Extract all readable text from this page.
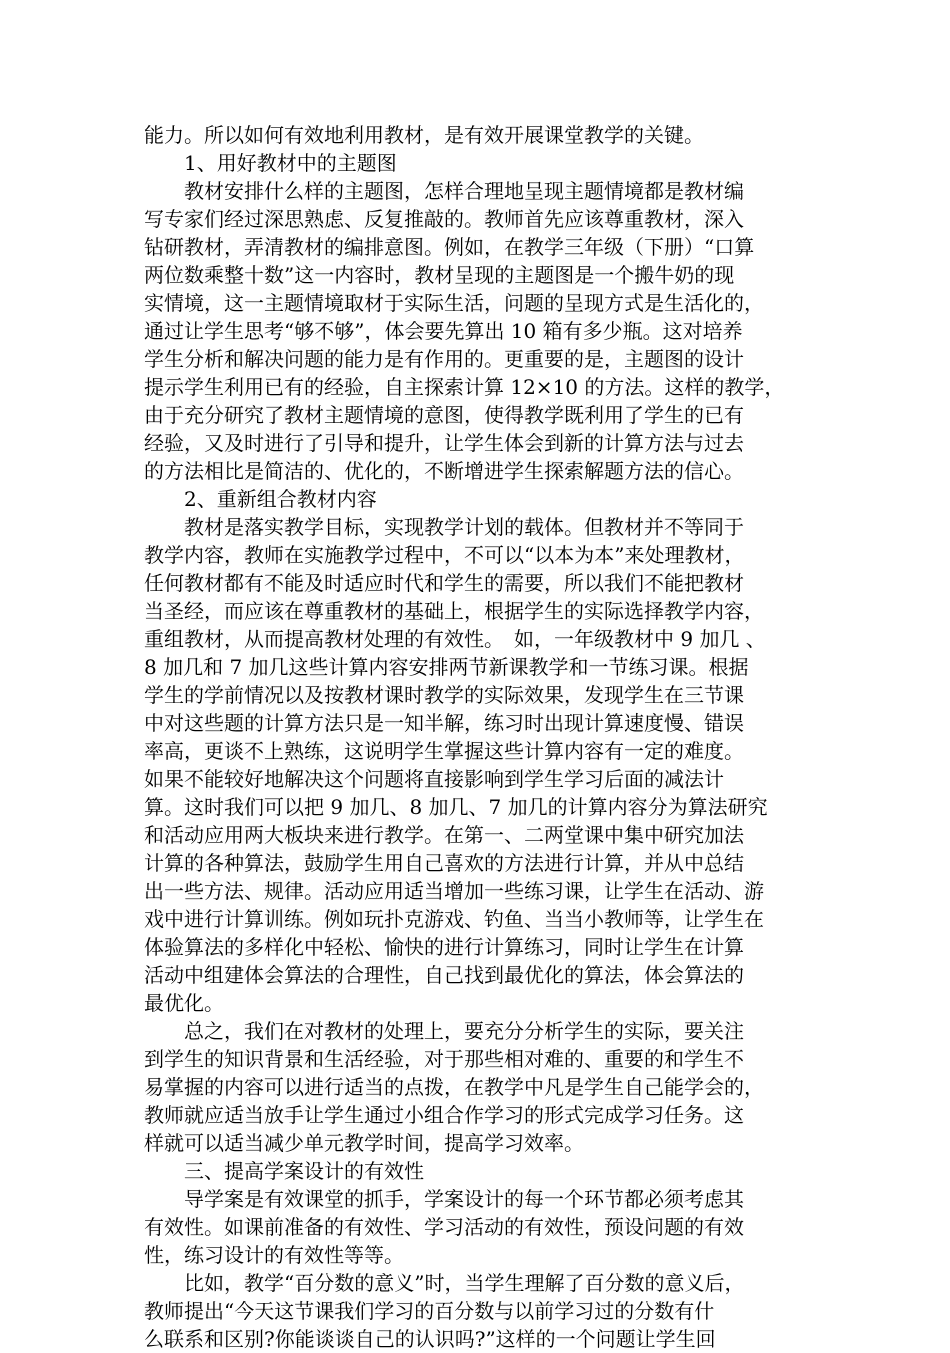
能力。所以如何有效地利用教材，是有效开展课堂教学的关键。
1、用好教材中的主题图
教材安排什么样的主题图，怎样合理地呈现主题情境都是教材编
写专家们经过深思熟虑、反复推敲的。教师首先应该尊重教材，深入
钻研教材，弄清教材的编排意图。例如，在教学三年级（下册）“口算
两位数乘整十数”这一内容时，教材呈现的主题图是一个搬牛奶的现
实情境，这一主题情境取材于实际生活，问题的呈现方式是生活化的，
通过让学生思考“够不够”，体会要先算出 10 箱有多少瓶。这对培养
学生分析和解决问题的能力是有作用的。更重要的是，主题图的设计
提示学生利用已有的经验，自主探索计算 12×10 的方法。这样的教学，
由于充分研究了教材主题情境的意图，使得教学既利用了学生的已有
经验，又及时进行了引导和提升，让学生体会到新的计算方法与过去
的方法相比是简洁的、优化的，不断增进学生探索解题方法的信心。
2、重新组合教材内容
教材是落实教学目标，实现教学计划的载体。但教材并不等同于
教学内容，教师在实施教学过程中，不可以“以本为本”来处理教材，
任何教材都有不能及时适应时代和学生的需要，所以我们不能把教材
当圣经，而应该在尊重教材的基础上，根据学生的实际选择教学内容，
重组教材，从而提高教材处理的有效性。　如，一年级教材中 9 加几 、
8 加几和 7 加几这些计算内容安排两节新课教学和一节练习课。根据
学生的学前情况以及按教材课时教学的实际效果，发现学生在三节课
中对这些题的计算方法只是一知半解，练习时出现计算速度慢、错误
率高，更谈不上熟练，这说明学生掌握这些计算内容有一定的难度。
如果不能较好地解决这个问题将直接影响到学生学习后面的减法计
算。这时我们可以把 9 加几、8 加几、7 加几的计算内容分为算法研究
和活动应用两大板块来进行教学。在第一、二两堂课中集中研究加法
计算的各种算法，鼓励学生用自己喜欢的方法进行计算，并从中总结
出一些方法、规律。活动应用适当增加一些练习课，让学生在活动、游
戏中进行计算训练。例如玩扑克游戏、钓鱼、当当小教师等，让学生在
体验算法的多样化中轻松、愉快的进行计算练习，同时让学生在计算
活动中组建体会算法的合理性，自己找到最优化的算法，体会算法的
最优化。
总之，我们在对教材的处理上，要充分分析学生的实际，要关注
到学生的知识背景和生活经验，对于那些相对难的、重要的和学生不
易掌握的内容可以进行适当的点拨，在教学中凡是学生自己能学会的，
教师就应适当放手让学生通过小组合作学习的形式完成学习任务。这
样就可以适当减少单元教学时间，提高学习效率。
三、提高学案设计的有效性
导学案是有效课堂的抓手，学案设计的每一个环节都必须考虑其
有效性。如课前准备的有效性、学习活动的有效性，预设问题的有效
性，练习设计的有效性等等。
比如，教学“百分数的意义”时，当学生理解了百分数的意义后，
教师提出“今天这节课我们学习的百分数与以前学习过的分数有什
么联系和区别?你能谈谈自己的认识吗?”这样的一个问题让学生回
